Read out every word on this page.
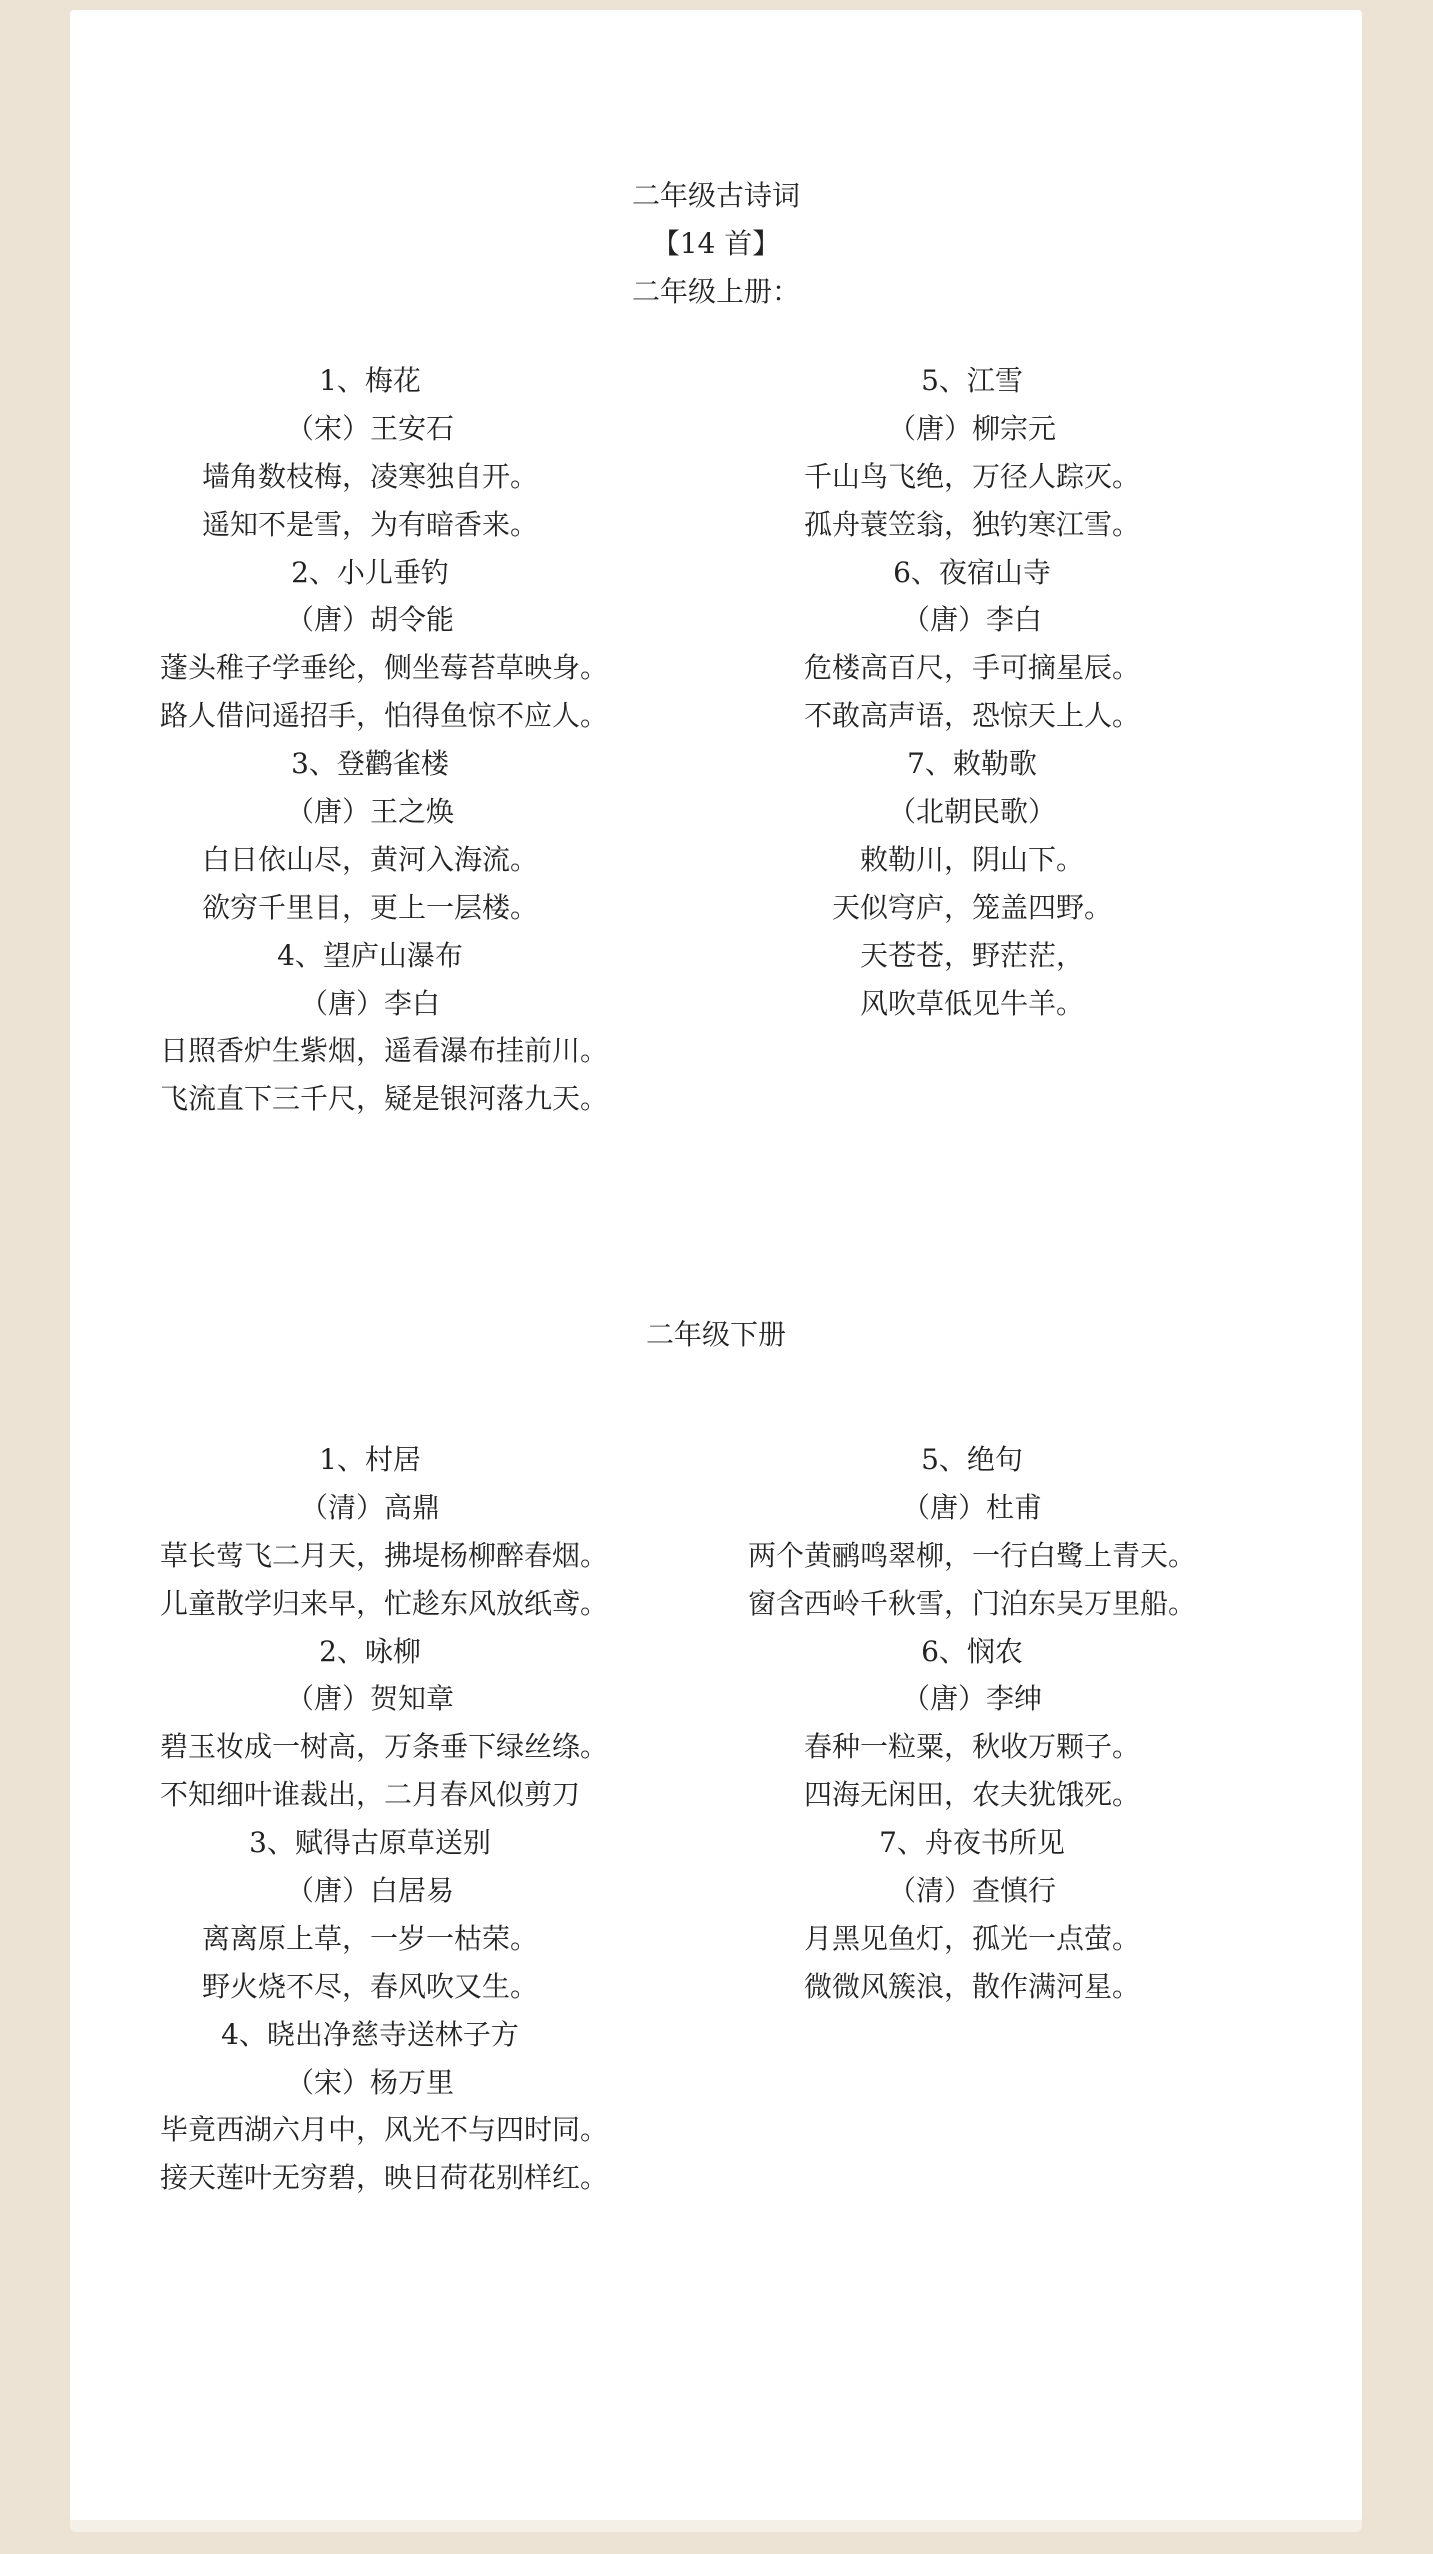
二年级古诗词
【14 首】
二年级上册：
1、梅花
（宋）王安石
墙角数枝梅，凌寒独自开。
遥知不是雪，为有暗香来。
2、小儿垂钓
（唐）胡令能
蓬头稚子学垂纶，侧坐莓苔草映身。
路人借问遥招手，怕得鱼惊不应人。
3、登鹳雀楼
（唐）王之焕
白日依山尽，黄河入海流。
欲穷千里目，更上一层楼。
4、望庐山瀑布
（唐）李白
日照香炉生紫烟，遥看瀑布挂前川。
飞流直下三千尺，疑是银河落九天。
5、江雪
（唐）柳宗元
千山鸟飞绝，万径人踪灭。
孤舟蓑笠翁，独钓寒江雪。
6、夜宿山寺
（唐）李白
危楼高百尺，手可摘星辰。
不敢高声语，恐惊天上人。
7、敕勒歌
（北朝民歌）
敕勒川，阴山下。
天似穹庐，笼盖四野。
天苍苍，野茫茫，
风吹草低见牛羊。
二年级下册
1、村居
（清）高鼎
草长莺飞二月天，拂堤杨柳醉春烟。
儿童散学归来早，忙趁东风放纸鸢。
2、咏柳
（唐）贺知章
碧玉妆成一树高，万条垂下绿丝绦。
不知细叶谁裁出，二月春风似剪刀
3、赋得古原草送别
（唐）白居易
离离原上草，一岁一枯荣。
野火烧不尽，春风吹又生。
4、晓出净慈寺送林子方
（宋）杨万里
毕竟西湖六月中，风光不与四时同。
接天莲叶无穷碧，映日荷花别样红。
5、绝句
（唐）杜甫
两个黄鹂鸣翠柳，一行白鹭上青天。
窗含西岭千秋雪，门泊东吴万里船。
6、悯农
（唐）李绅
春种一粒粟，秋收万颗子。
四海无闲田，农夫犹饿死。
7、舟夜书所见
（清）查慎行
月黑见鱼灯，孤光一点萤。
微微风簇浪，散作满河星。
